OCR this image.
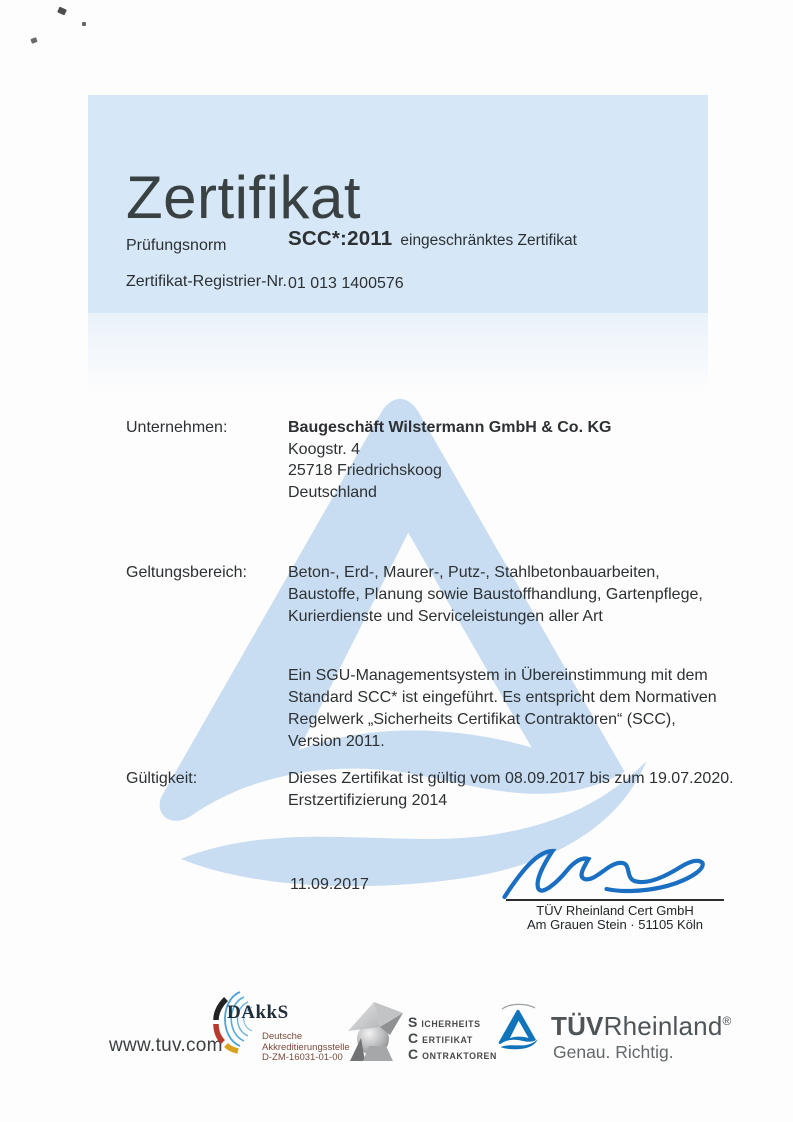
Zertifikat
Prüfungsnorm	SCC*:2011 eingeschränktes Zertifikat
Zertifikat-Registrier-Nr. 01 013 1400576
Unternehmen:	Baugeschäft Wilstermann GmbH & Co. KG
Koogstr. 4
25718 Friedrichskoog
Deutschland
Geltungsbereich:	Beton-, Erd-, Maurer-, Putz-, Stahlbetonbauarbeiten,
Baustoffe, Planung sowie Baustoffhandlung, Gartenpflege,
Kurierdienste und Serviceleistungen aller Art
Ein SGU-Managementsystem in Übereinstimmung mit dem
Standard SCC* ist eingeführt. Es entspricht dem Normativen
Regelwerk „Sicherheits Certifikat Contraktoren“ (SCC),
Version 2011.
Gültigkeit:	Dieses Zertifikat ist gültig vom 08.09.2017 bis zum 19.07.2020.
Erstzertifizierung 2014
11.09.2017
TÜV Rheinland Cert GmbH
Am Grauen Stein · 51105 Köln
www.tuv.com
DAkkS
Deutsche
Akkreditierungsstelle
D-ZM-16031-01-00
S ICHERHEITS
C ERTIFIKAT
C ONTRAKTOREN
TÜVRheinland®
Genau. Richtig.
